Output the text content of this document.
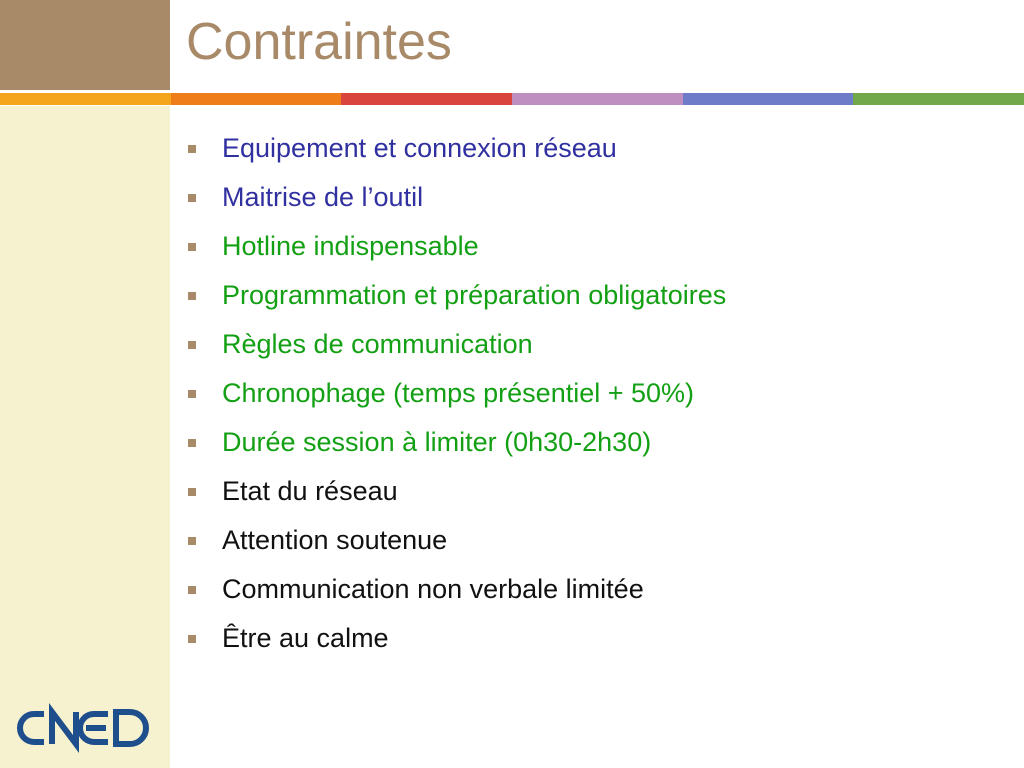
Contraintes
Equipement et connexion réseau
Maitrise de l’outil
Hotline indispensable
Programmation et préparation obligatoires
Règles de communication
Chronophage (temps présentiel + 50%)
Durée session à limiter (0h30-2h30)
Etat du réseau
Attention soutenue
Communication non verbale limitée
Être au calme
